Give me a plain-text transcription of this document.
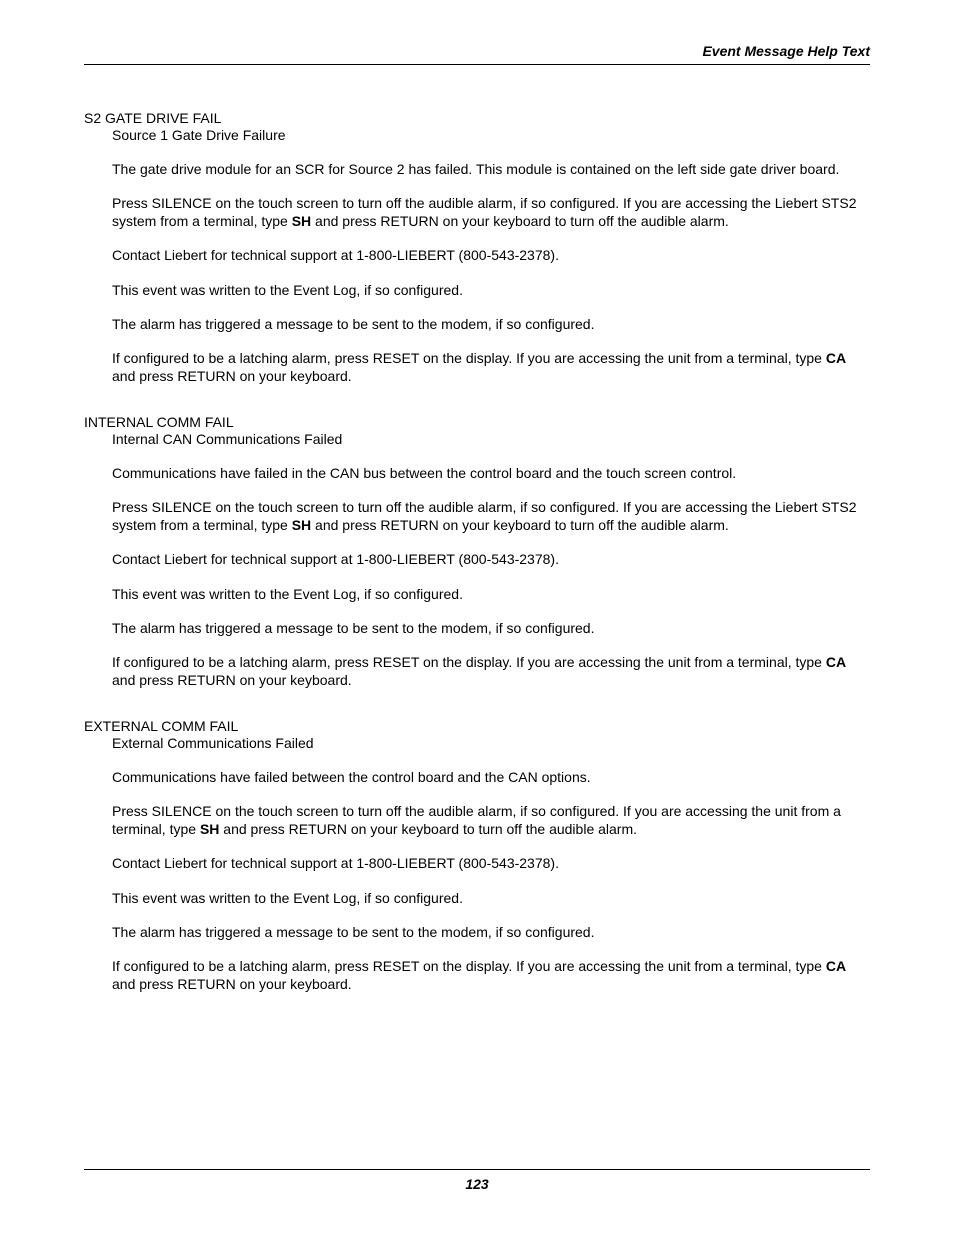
Event Message Help Text
S2 GATE DRIVE FAIL
Source 1 Gate Drive Failure
The gate drive module for an SCR for Source 2 has failed. This module is contained on the left side gate driver board.
Press SILENCE on the touch screen to turn off the audible alarm, if so configured. If you are accessing the Liebert STS2 system from a terminal, type SH and press RETURN on your keyboard to turn off the audible alarm.
Contact Liebert for technical support at 1-800-LIEBERT (800-543-2378).
This event was written to the Event Log, if so configured.
The alarm has triggered a message to be sent to the modem, if so configured.
If configured to be a latching alarm, press RESET on the display. If you are accessing the unit from a terminal, type CA and press RETURN on your keyboard.
INTERNAL COMM FAIL
Internal CAN Communications Failed
Communications have failed in the CAN bus between the control board and the touch screen control.
Press SILENCE on the touch screen to turn off the audible alarm, if so configured. If you are accessing the Liebert STS2 system from a terminal, type SH and press RETURN on your keyboard to turn off the audible alarm.
Contact Liebert for technical support at 1-800-LIEBERT (800-543-2378).
This event was written to the Event Log, if so configured.
The alarm has triggered a message to be sent to the modem, if so configured.
If configured to be a latching alarm, press RESET on the display. If you are accessing the unit from a terminal, type CA and press RETURN on your keyboard.
EXTERNAL COMM FAIL
External Communications Failed
Communications have failed between the control board and the CAN options.
Press SILENCE on the touch screen to turn off the audible alarm, if so configured. If you are accessing the unit from a terminal, type SH and press RETURN on your keyboard to turn off the audible alarm.
Contact Liebert for technical support at 1-800-LIEBERT (800-543-2378).
This event was written to the Event Log, if so configured.
The alarm has triggered a message to be sent to the modem, if so configured.
If configured to be a latching alarm, press RESET on the display. If you are accessing the unit from a terminal, type CA and press RETURN on your keyboard.
123
